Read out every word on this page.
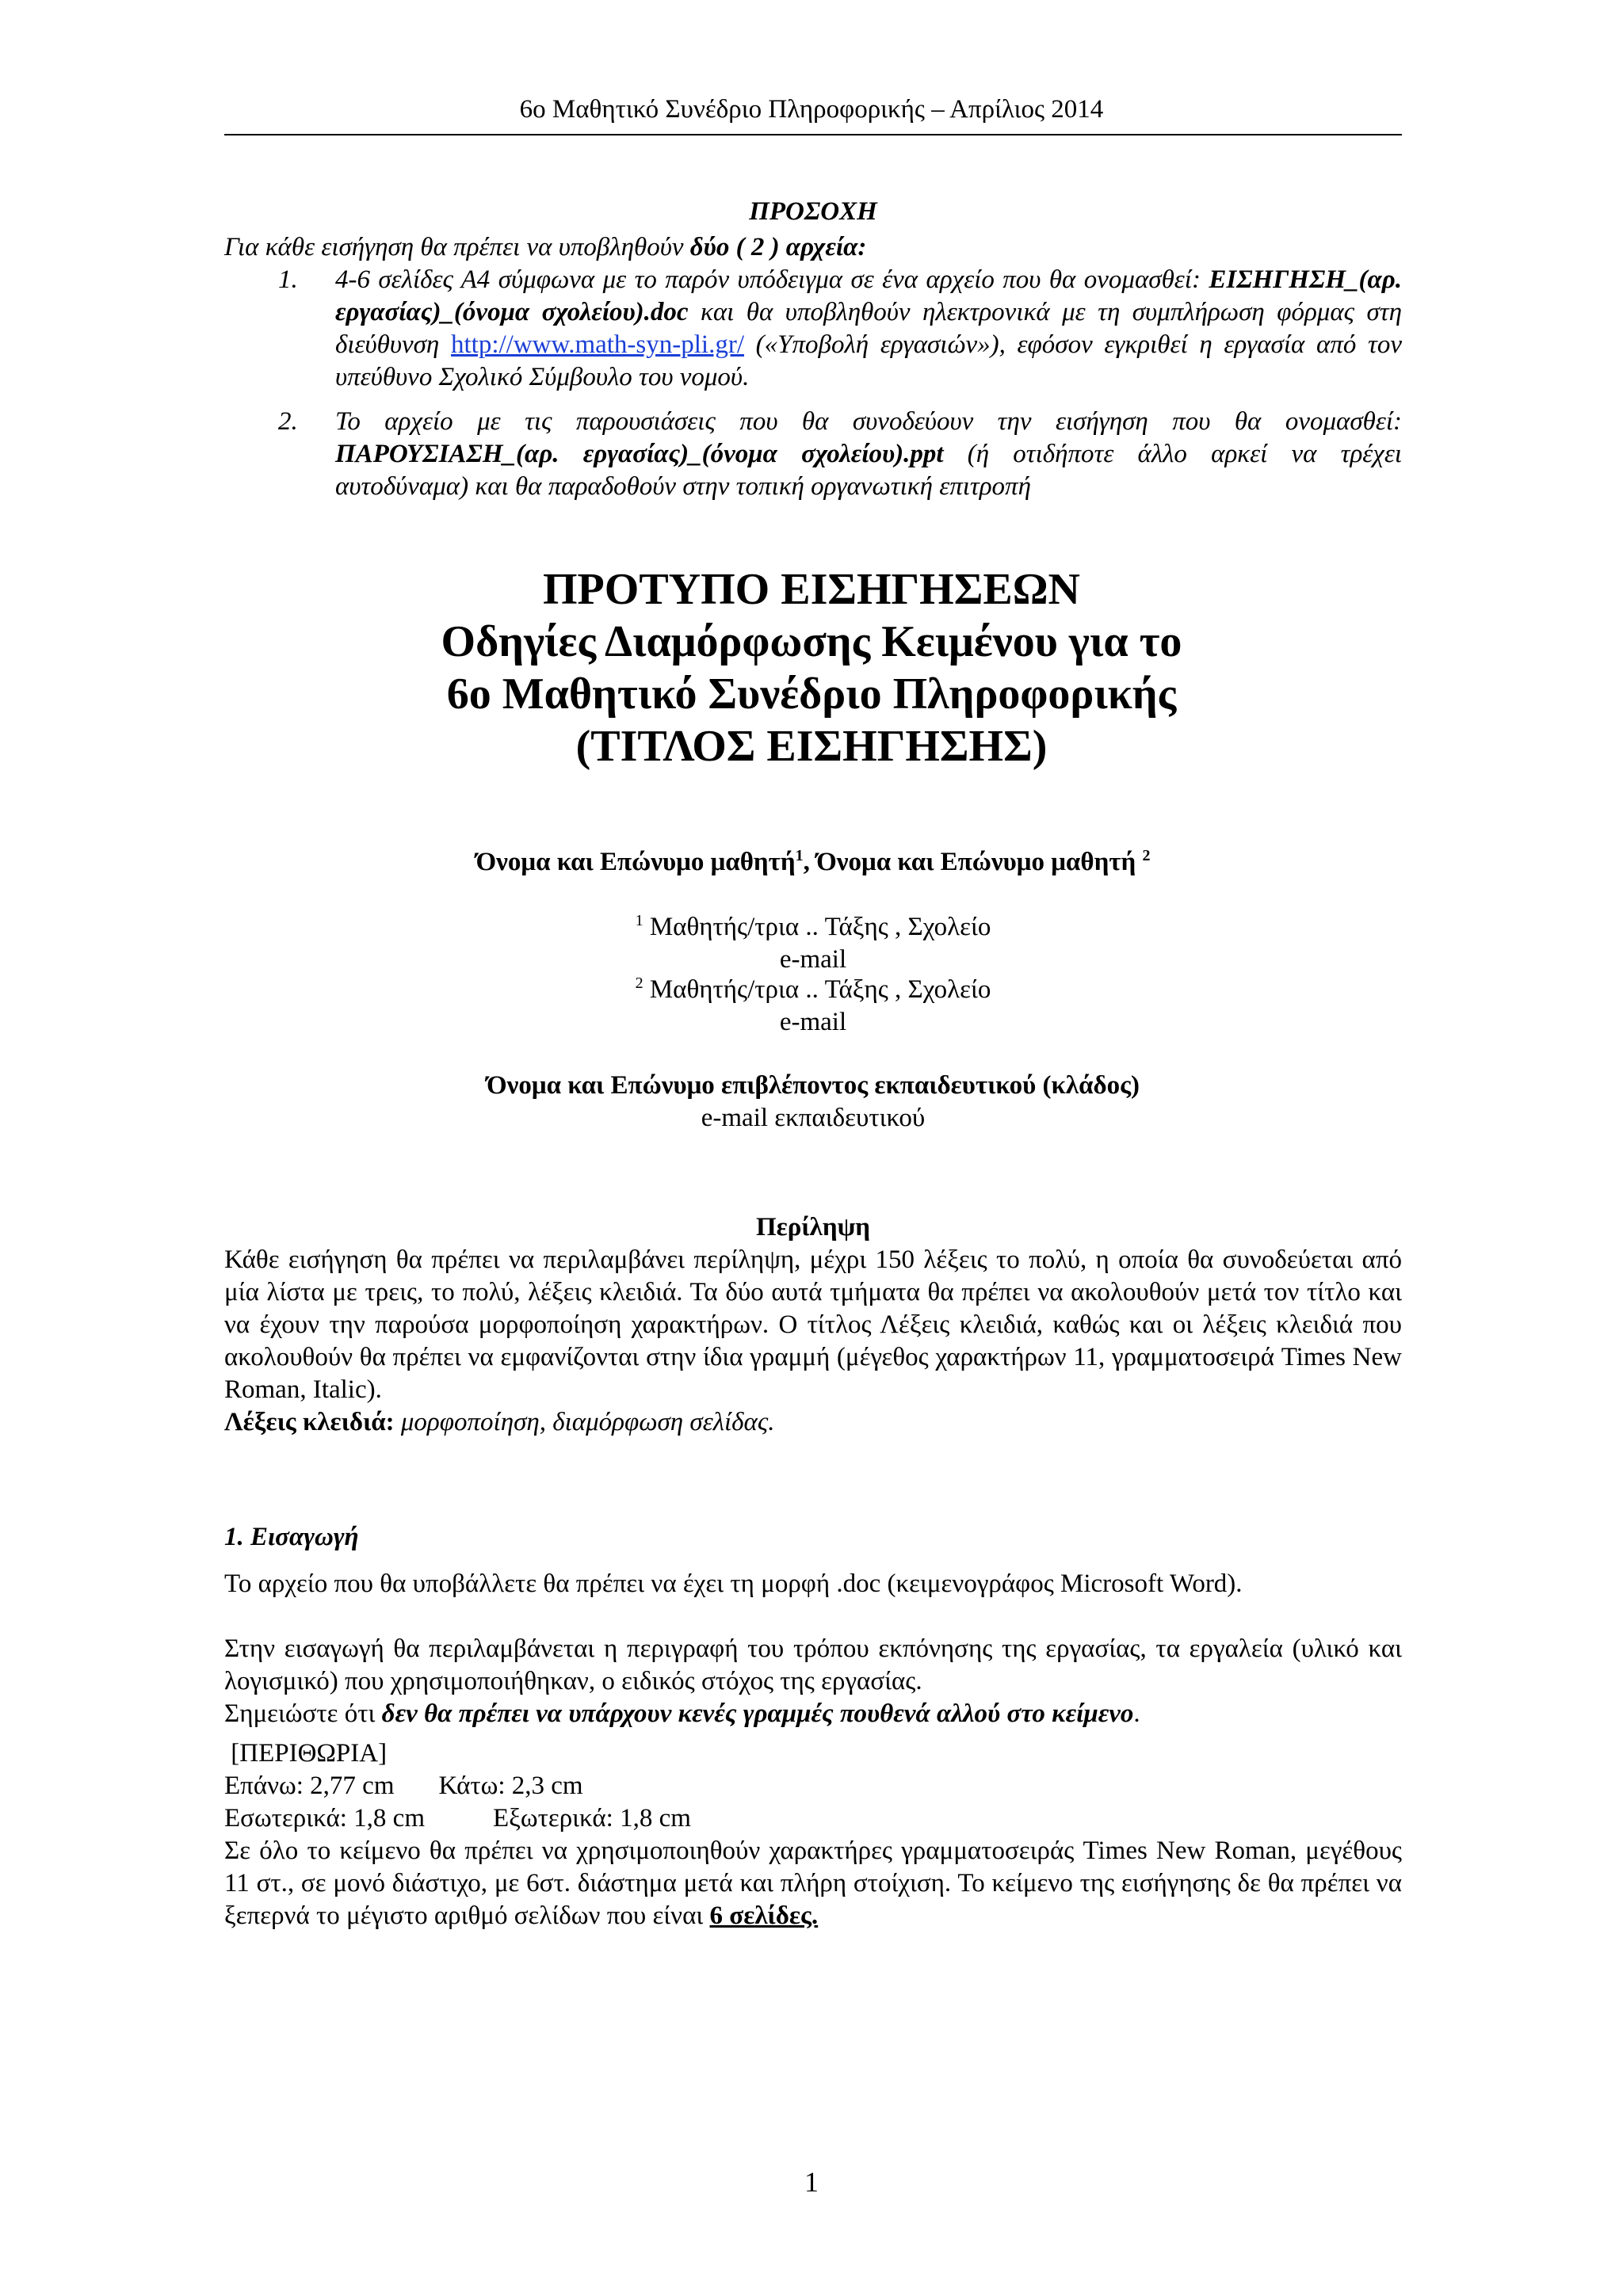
6ο Μαθητικό Συνέδριο Πληροφορικής – Απρίλιος 2014
ΠΡΟΣΟΧΗ
Για κάθε εισήγηση θα πρέπει να υποβληθούν δύο ( 2 ) αρχεία:
1. 4-6 σελίδες Α4 σύμφωνα με το παρόν υπόδειγμα σε ένα αρχείο που θα ονομασθεί: ΕΙΣΗΓΗΣΗ_(αρ. εργασίας)_(όνομα σχολείου).doc και θα υποβληθούν ηλεκτρονικά με τη συμπλήρωση φόρμας στη διεύθυνση http://www.math-syn-pli.gr/ («Υποβολή εργασιών»), εφόσον εγκριθεί η εργασία από τον υπεύθυνο Σχολικό Σύμβουλο του νομού.
2. Το αρχείο με τις παρουσιάσεις που θα συνοδεύουν την εισήγηση που θα ονομασθεί: ΠΑΡΟΥΣΙΑΣΗ_(αρ. εργασίας)_(όνομα σχολείου).ppt (ή οτιδήποτε άλλο αρκεί να τρέχει αυτοδύναμα) και θα παραδοθούν στην τοπική οργανωτική επιτροπή
ΠΡΟΤΥΠΟ ΕΙΣΗΓΗΣΕΩΝ
Οδηγίες Διαμόρφωσης Κειμένου για το
6ο Μαθητικό Συνέδριο Πληροφορικής
(ΤΙΤΛΟΣ ΕΙΣΗΓΗΣΗΣ)
Όνομα και Επώνυμο μαθητή$^1$, Όνομα και Επώνυμο μαθητή $^2$
$^1$ Μαθητής/τρια .. Τάξης , Σχολείο
e-mail
$^2$ Μαθητής/τρια .. Τάξης , Σχολείο
e-mail
Όνομα και Επώνυμο επιβλέποντος εκπαιδευτικού (κλάδος)
e-mail εκπαιδευτικού
Περίληψη
Κάθε εισήγηση θα πρέπει να περιλαμβάνει περίληψη, μέχρι 150 λέξεις το πολύ, η οποία θα συνοδεύεται από μία λίστα με τρεις, το πολύ, λέξεις κλειδιά. Τα δύο αυτά τμήματα θα πρέπει να ακολουθούν μετά τον τίτλο και να έχουν την παρούσα μορφοποίηση χαρακτήρων. Ο τίτλος Λέξεις κλειδιά, καθώς και οι λέξεις κλειδιά που ακολουθούν θα πρέπει να εμφανίζονται στην ίδια γραμμή (μέγεθος χαρακτήρων 11, γραμματοσειρά Times New Roman, Italic).
Λέξεις κλειδιά: μορφοποίηση, διαμόρφωση σελίδας.
1. Εισαγωγή
Το αρχείο που θα υποβάλλετε θα πρέπει να έχει τη μορφή .doc (κειμενογράφος Microsoft Word).
Στην εισαγωγή θα περιλαμβάνεται η περιγραφή του τρόπου εκπόνησης της εργασίας, τα εργαλεία (υλικό και λογισμικό) που χρησιμοποιήθηκαν, ο ειδικός στόχος της εργασίας.
Σημειώστε ότι δεν θα πρέπει να υπάρχουν κενές γραμμές πουθενά αλλού στο κείμενο.
[ΠΕΡΙΘΩΡΙΑ]
Επάνω: 2,77 cm Κάτω: 2,3 cm
Εσωτερικά: 1,8 cm	Εξωτερικά: 1,8 cm
Σε όλο το κείμενο θα πρέπει να χρησιμοποιηθούν χαρακτήρες γραμματοσειράς Times New Roman, μεγέθους 11 στ., σε μονό διάστιχο, με 6στ. διάστημα μετά και πλήρη στοίχιση. Το κείμενο της εισήγησης δε θα πρέπει να ξεπερνά το μέγιστο αριθμό σελίδων που είναι 6 σελίδες.
1
